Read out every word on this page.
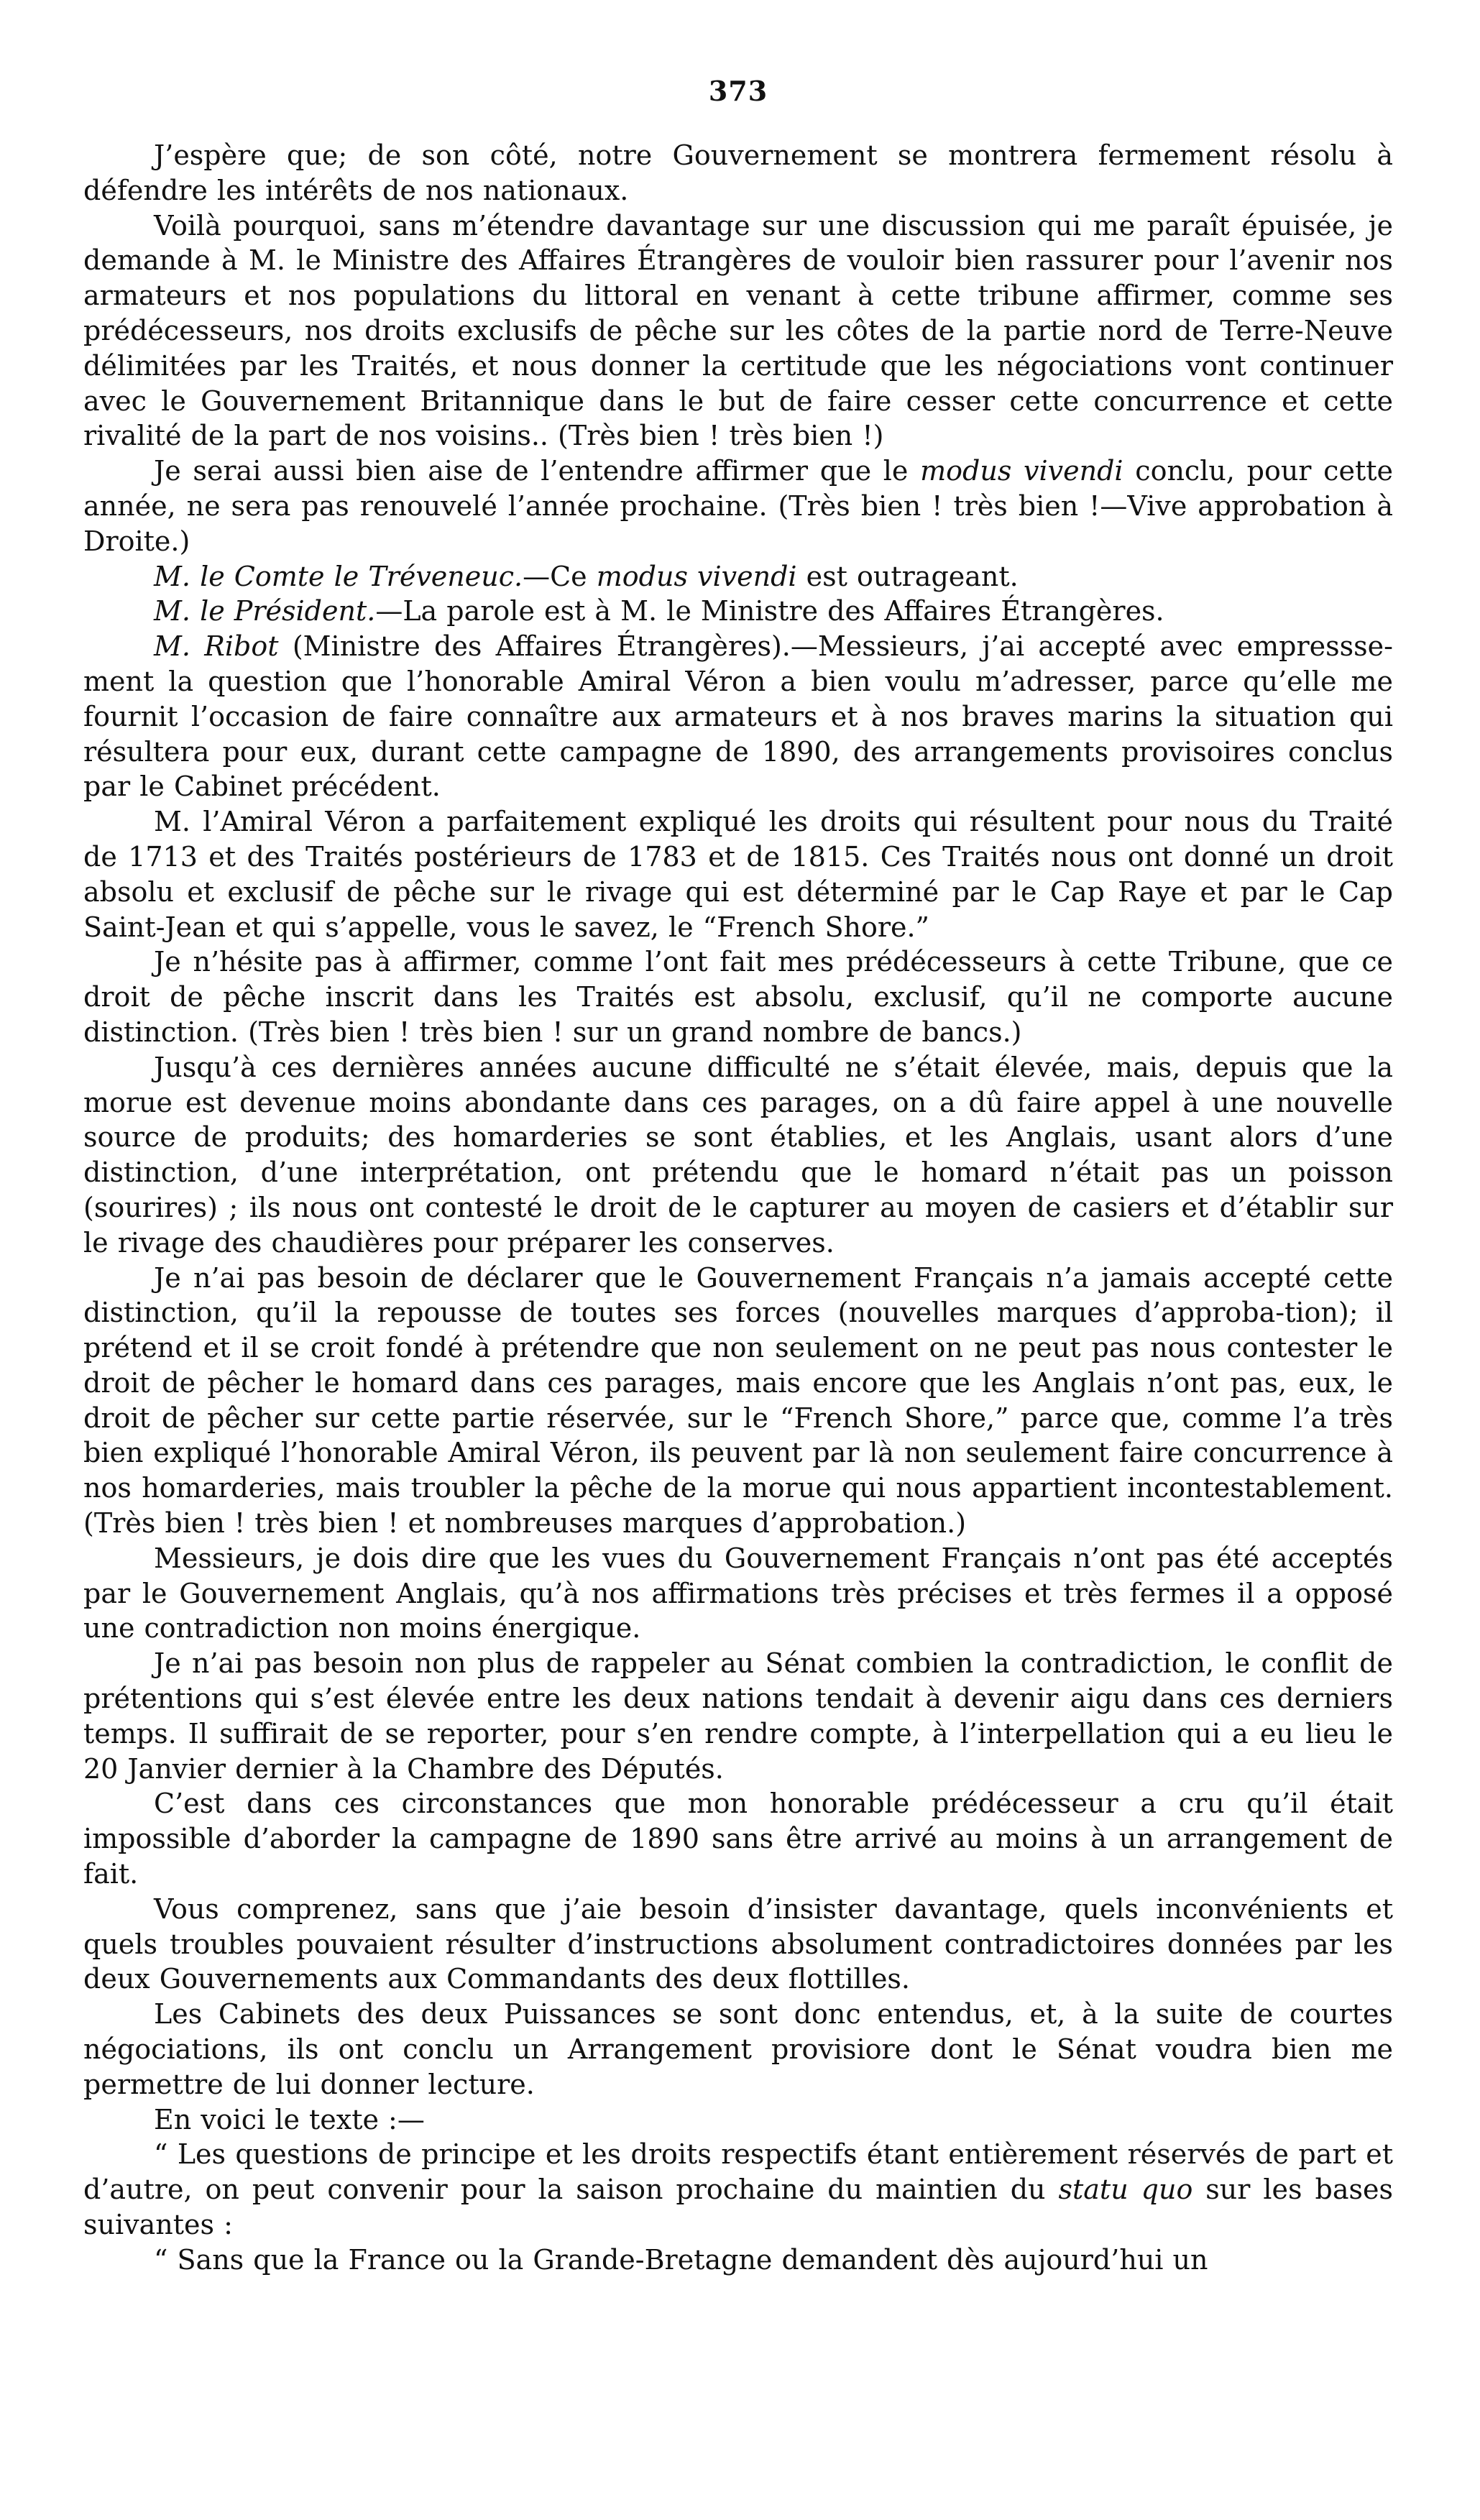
373

J’espère que; de son côté, notre Gouvernement se montrera fermement résolu à défendre les intérêts de nos nationaux.

Voilà pourquoi, sans m’étendre davantage sur une discussion qui me paraît épuisée, je demande à M. le Ministre des Affaires Étrangères de vouloir bien rassurer pour l’avenir nos armateurs et nos populations du littoral en venant à cette tribune affirmer, comme ses prédécesseurs, nos droits exclusifs de pêche sur les côtes de la partie nord de Terre-Neuve délimitées par les Traités, et nous donner la certitude que les négociations vont continuer avec le Gouvernement Britannique dans le but de faire cesser cette concurrence et cette rivalité de la part de nos voisins.. (Très bien ! très bien !)

Je serai aussi bien aise de l’entendre affirmer que le modus vivendi conclu, pour cette année, ne sera pas renouvelé l’année prochaine. (Très bien ! très bien !—Vive approbation à Droite.)

M. le Comte le Tréveneuc.—Ce modus vivendi est outrageant.

M. le Président.—La parole est à M. le Ministre des Affaires Étrangères.

M. Ribot (Ministre des Affaires Étrangères).—Messieurs, j’ai accepté avec empressse-ment la question que l’honorable Amiral Véron a bien voulu m’adresser, parce qu’elle me fournit l’occasion de faire connaître aux armateurs et à nos braves marins la situation qui résultera pour eux, durant cette campagne de 1890, des arrangements provisoires conclus par le Cabinet précédent.

M. l’Amiral Véron a parfaitement expliqué les droits qui résultent pour nous du Traité de 1713 et des Traités postérieurs de 1783 et de 1815. Ces Traités nous ont donné un droit absolu et exclusif de pêche sur le rivage qui est déterminé par le Cap Raye et par le Cap Saint-Jean et qui s’appelle, vous le savez, le “French Shore.”

Je n’hésite pas à affirmer, comme l’ont fait mes prédécesseurs à cette Tribune, que ce droit de pêche inscrit dans les Traités est absolu, exclusif, qu’il ne comporte aucune distinction. (Très bien ! très bien ! sur un grand nombre de bancs.)

Jusqu’à ces dernières années aucune difficulté ne s’était élevée, mais, depuis que la morue est devenue moins abondante dans ces parages, on a dû faire appel à une nouvelle source de produits; des homarderies se sont établies, et les Anglais, usant alors d’une distinction, d’une interprétation, ont prétendu que le homard n’était pas un poisson (sourires) ; ils nous ont contesté le droit de le capturer au moyen de casiers et d’établir sur le rivage des chaudières pour préparer les conserves.

Je n’ai pas besoin de déclarer que le Gouvernement Français n’a jamais accepté cette distinction, qu’il la repousse de toutes ses forces (nouvelles marques d’approba-tion); il prétend et il se croit fondé à prétendre que non seulement on ne peut pas nous contester le droit de pêcher le homard dans ces parages, mais encore que les Anglais n’ont pas, eux, le droit de pêcher sur cette partie réservée, sur le “French Shore,” parce que, comme l’a très bien expliqué l’honorable Amiral Véron, ils peuvent par là non seulement faire concurrence à nos homarderies, mais troubler la pêche de la morue qui nous appartient incontestablement. (Très bien ! très bien ! et nombreuses marques d’approbation.)

Messieurs, je dois dire que les vues du Gouvernement Français n’ont pas été acceptés par le Gouvernement Anglais, qu’à nos affirmations très précises et très fermes il a opposé une contradiction non moins énergique.

Je n’ai pas besoin non plus de rappeler au Sénat combien la contradiction, le conflit de prétentions qui s’est élevée entre les deux nations tendait à devenir aigu dans ces derniers temps. Il suffirait de se reporter, pour s’en rendre compte, à l’interpellation qui a eu lieu le 20 Janvier dernier à la Chambre des Députés.

C’est dans ces circonstances que mon honorable prédécesseur a cru qu’il était impossible d’aborder la campagne de 1890 sans être arrivé au moins à un arrangement de fait.

Vous comprenez, sans que j’aie besoin d’insister davantage, quels inconvénients et quels troubles pouvaient résulter d’instructions absolument contradictoires données par les deux Gouvernements aux Commandants des deux flottilles.

Les Cabinets des deux Puissances se sont donc entendus, et, à la suite de courtes négociations, ils ont conclu un Arrangement provisiore dont le Sénat voudra bien me permettre de lui donner lecture.

En voici le texte :—

“ Les questions de principe et les droits respectifs étant entièrement réservés de part et d’autre, on peut convenir pour la saison prochaine du maintien du statu quo sur les bases suivantes :

“ Sans que la France ou la Grande-Bretagne demandent dès aujourd’hui un
